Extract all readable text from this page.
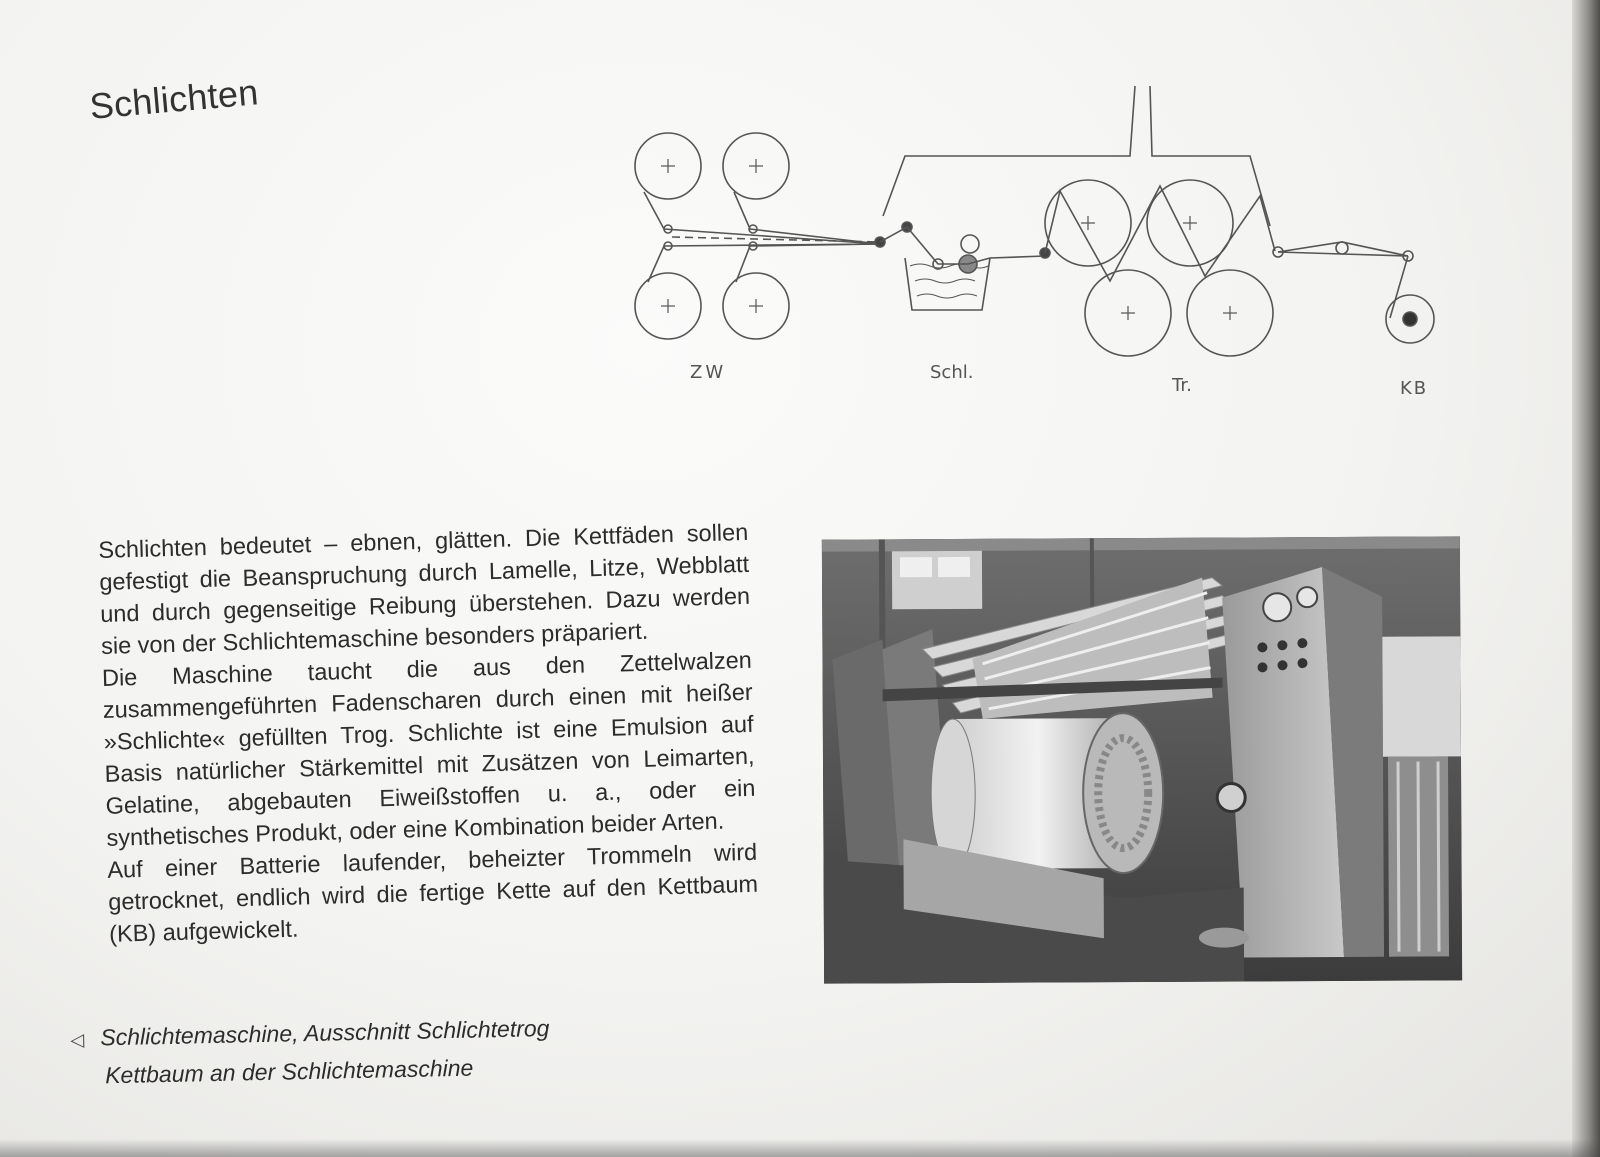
Schlichten
ZW	Schl.
Tr.	KB

Schlichten bedeutet – ebnen, glätten. Die Kettfäden sollen gefestigt die Beanspruchung durch Lamelle, Litze, Webblatt und durch gegenseitige Reibung überstehen. Dazu werden sie von der Schlichtemaschine besonders präpariert.

Die Maschine taucht die aus den Zettelwalzen zusammengeführten Fadenscharen durch einen mit heißer »Schlichte« gefüllten Trog. Schlichte ist eine Emulsion auf Basis natürlicher Stärkemittel mit Zusätzen von Leimarten, Gelatine, abgebauten Eiweißstoffen u. a., oder ein synthetisches Produkt, oder eine Kombination beider Arten.

Auf einer Batterie laufender, beheizter Trommeln wird getrocknet, endlich wird die fertige Kette auf den Kettbaum (KB) aufgewickelt.

◁ Schlichtemaschine, Ausschnitt Schlichtetrog
Kettbaum an der Schlichtemaschine
